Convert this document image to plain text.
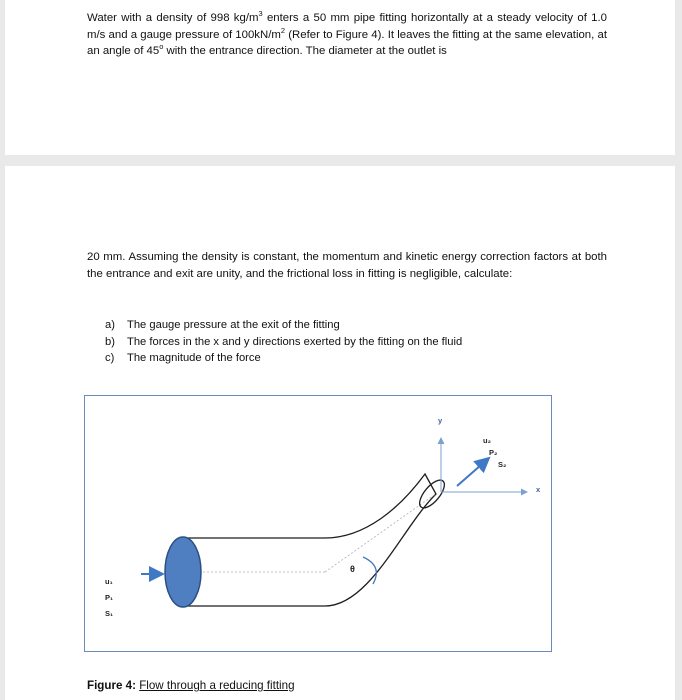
Water with a density of 998 $kg/m^3$ enters a 50 mm pipe fitting horizontally at a steady velocity of 1.0 m/s and a gauge pressure of $100kN/m^2$ (Refer to Figure 4). It leaves the fitting at the same elevation, at an angle of 45$^o$ with the entrance direction. The diameter at the outlet is
20 mm. Assuming the density is constant, the momentum and kinetic energy correction factors at both the entrance and exit are unity, and the frictional loss in fitting is negligible, calculate:
a) The gauge pressure at the exit of the fitting
b) The forces in the x and y directions exerted by the fitting on the fluid
c) The magnitude of the force
u₁
P₁
S₁
u₂
P₂
S₂
y
x
θ
Figure 4: Flow through a reducing fitting
